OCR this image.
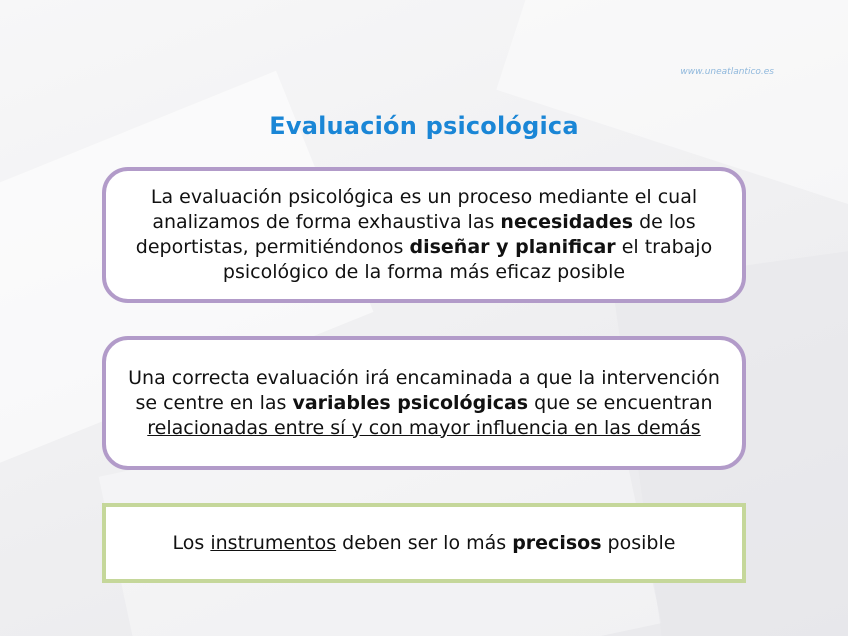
www.uneatlantico.es
Evaluación psicológica
La evaluación psicológica es un proceso mediante el cual analizamos de forma exhaustiva las necesidades de los deportistas, permitiéndonos diseñar y planificar el trabajo psicológico de la forma más eficaz posible
Una correcta evaluación irá encaminada a que la intervención se centre en las variables psicológicas que se encuentran relacionadas entre sí y con mayor influencia en las demás
Los instrumentos deben ser lo más precisos posible
